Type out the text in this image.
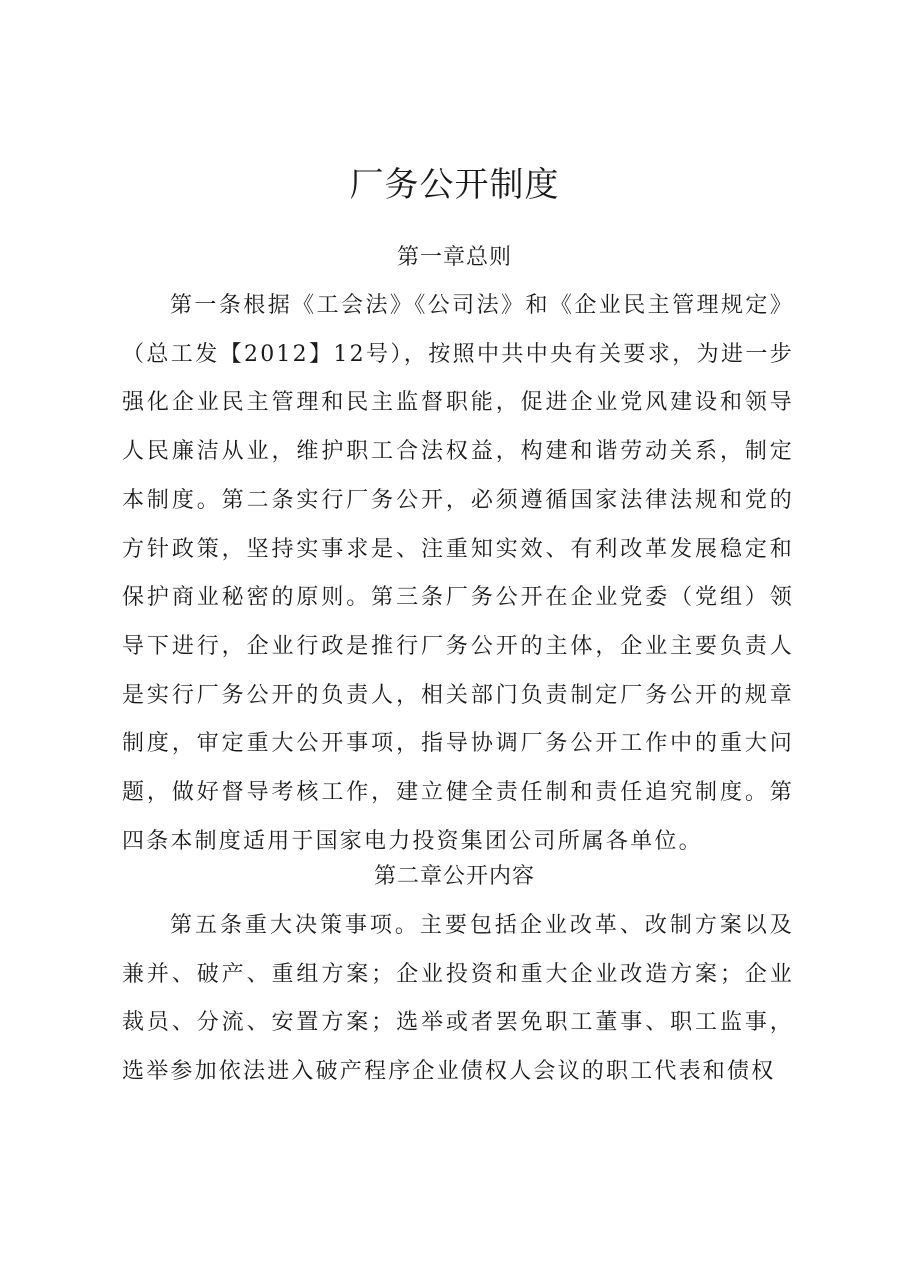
厂务公开制度
第一章总则

第一条根据《工会法》《公司法》和《企业民主管理规定》（总工发【2012】12号），按照中共中央有关要求，为进一步强化企业民主管理和民主监督职能，促进企业党风建设和领导人民廉洁从业，维护职工合法权益，构建和谐劳动关系，制定本制度。第二条实行厂务公开，必须遵循国家法律法规和党的方针政策，坚持实事求是、注重知实效、有利改革发展稳定和保护商业秘密的原则。第三条厂务公开在企业党委（党组）领导下进行，企业行政是推行厂务公开的主体，企业主要负责人是实行厂务公开的负责人，相关部门负责制定厂务公开的规章制度，审定重大公开事项，指导协调厂务公开工作中的重大问题，做好督导考核工作，建立健全责任制和责任追究制度。第四条本制度适用于国家电力投资集团公司所属各单位。

第二章公开内容

第五条重大决策事项。主要包括企业改革、改制方案以及兼并、破产、重组方案；企业投资和重大企业改造方案；企业裁员、分流、安置方案；选举或者罢免职工董事、职工监事，选举参加依法进入破产程序企业债权人会议的职工代表和债权
